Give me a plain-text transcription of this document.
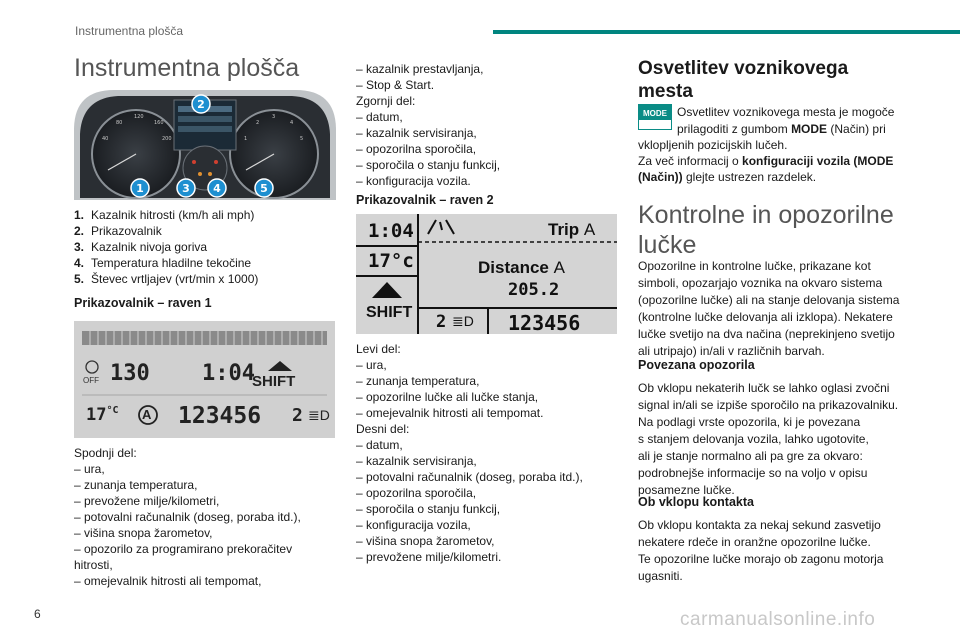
Instrumentna plošča
Instrumentna plošča
40
80
120
160
200	1
2
3
4
5
2
1	3 4	5
1. Kazalnik hitrosti (km/h ali mph)
2. Prikazovalnik
3. Kazalnik nivoja goriva
4. Temperatura hladilne tekočine
5. Števec vrtljajev (vrt/min x 1000)
Prikazovalnik – raven 1
OFF 130 1:04
SHIFT
$17^{^\circ C}$ A 123456 2 ≣D
Spodnji del:
– ura,
– zunanja temperatura,
– prevožene milje/kilometri,
– potovalni računalnik (doseg, poraba itd.),
– višina snopa žarometov,
– opozorilo za programirano prekoračitev
hitrosti,
– omejevalnik hitrosti ali tempomat,
– kazalnik prestavljanja,
– Stop & Start.
Zgornji del:
– datum,
– kazalnik servisiranja,
– opozorilna sporočila,
– sporočila o stanju funkcij,
– konfiguracija vozila.
Prikazovalnik – raven 2
1:04
17°c
SHIFT
Trip A
Distance A
205.2
2 ≣D 123456
Levi del:
– ura,
– zunanja temperatura,
– opozorilne lučke ali lučke stanja,
– omejevalnik hitrosti ali tempomat.
Desni del:
– datum,
– kazalnik servisiranja,
– potovalni računalnik (doseg, poraba itd.),
– opozorilna sporočila,
– sporočila o stanju funkcij,
– konfiguracija vozila,
– višina snopa žarometov,
– prevožene milje/kilometri.
Osvetlitev voznikovega mesta
MODE Osvetlitev voznikovega mesta je mogoče
prilagoditi z gumbom MODE (Način) pri
vklopljenih pozicijskih lučeh.
Za več informacij o konfiguraciji vozila (MODE
(Način)) glejte ustrezen razdelek.
Kontrolne in opozorilne lučke
Opozorilne in kontrolne lučke, prikazane kot
simboli, opozarjajo voznika na okvaro sistema
(opozorilne lučke) ali na stanje delovanja sistema
(kontrolne lučke delovanja ali izklopa). Nekatere
lučke svetijo na dva načina (neprekinjeno svetijo
ali utripajo) in/ali v različnih barvah.
Povezana opozorila
Ob vklopu nekaterih lučk se lahko oglasi zvočni
signal in/ali se izpiše sporočilo na prikazovalniku.
Na podlagi vrste opozorila, ki je povezana
s stanjem delovanja vozila, lahko ugotovite,
ali je stanje normalno ali pa gre za okvaro:
podrobnejše informacije so na voljo v opisu
posamezne lučke.
Ob vklopu kontakta
Ob vklopu kontakta za nekaj sekund zasvetijo
nekatere rdeče in oranžne opozorilne lučke.
Te opozorilne lučke morajo ob zagonu motorja
ugasniti.
6	carmanualsonline.info
